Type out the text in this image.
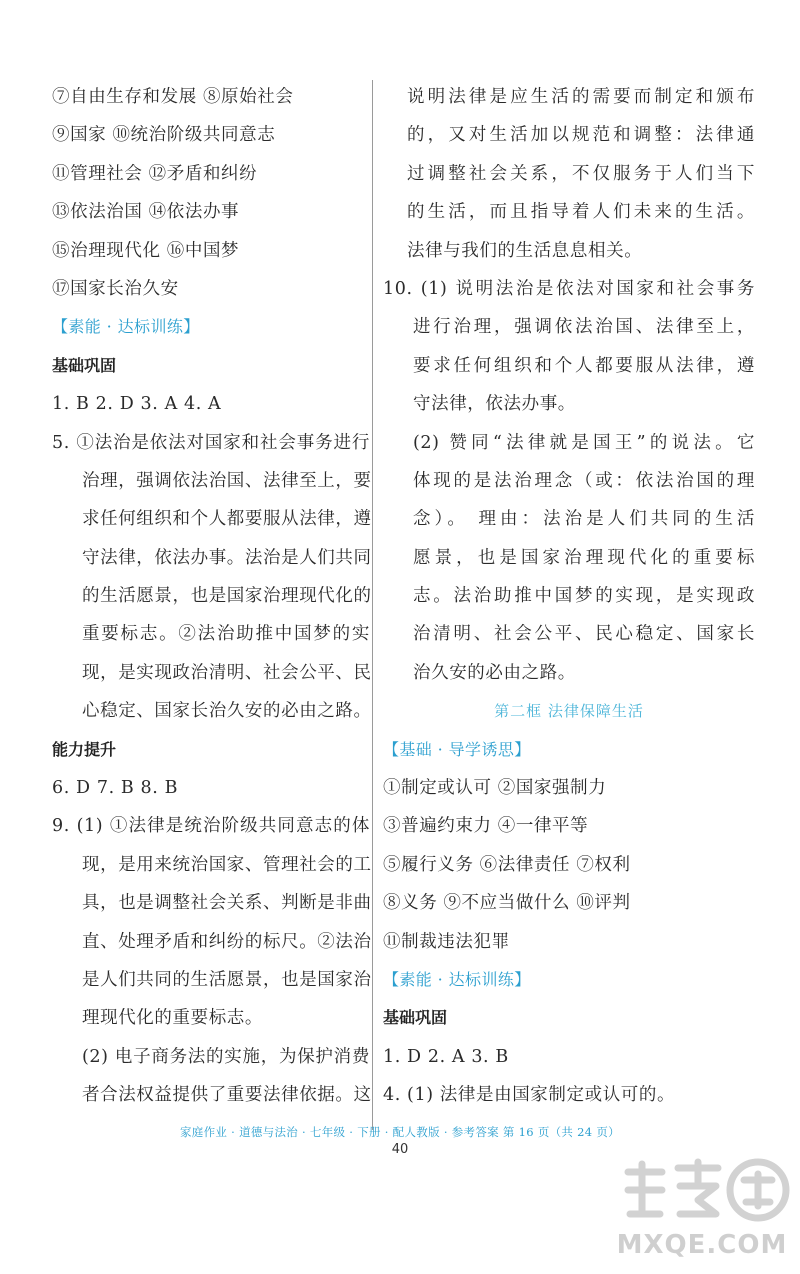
⑦自由生存和发展 ⑧原始社会
⑨国家 ⑩统治阶级共同意志
⑪管理社会 ⑫矛盾和纠纷
⑬依法治国 ⑭依法办事
⑮治理现代化 ⑯中国梦
⑰国家长治久安
【素能 · 达标训练】
基础巩固
1. B 2. D 3. A 4. A
5. ①法治是依法对国家和社会事务进行
治理，强调依法治国、法律至上，要
求任何组织和个人都要服从法律，遵
守法律，依法办事。法治是人们共同
的生活愿景，也是国家治理现代化的
重要标志。②法治助推中国梦的实
现，是实现政治清明、社会公平、民
心稳定、国家长治久安的必由之路。
能力提升
6. D 7. B 8. B
9. (1) ①法律是统治阶级共同意志的体
现，是用来统治国家、管理社会的工
具，也是调整社会关系、判断是非曲
直、处理矛盾和纠纷的标尺。②法治
是人们共同的生活愿景，也是国家治
理现代化的重要标志。
(2) 电子商务法的实施，为保护消费
者合法权益提供了重要法律依据。这
说明法律是应生活的需要而制定和颁布
的，又对生活加以规范和调整：法律通
过调整社会关系，不仅服务于人们当下
的生活，而且指导着人们未来的生活。
法律与我们的生活息息相关。
10. (1) 说明法治是依法对国家和社会事务
进行治理，强调依法治国、法律至上，
要求任何组织和个人都要服从法律，遵
守法律，依法办事。
(2) 赞同“法律就是国王”的说法。它
体现的是法治理念（或：依法治国的理
念）。 理由：法治是人们共同的生活
愿景，也是国家治理现代化的重要标
志。法治助推中国梦的实现，是实现政
治清明、社会公平、民心稳定、国家长
治久安的必由之路。
第二框 法律保障生活
【基础 · 导学诱思】
①制定或认可 ②国家强制力
③普遍约束力 ④一律平等
⑤履行义务 ⑥法律责任 ⑦权利
⑧义务 ⑨不应当做什么 ⑩评判
⑪制裁违法犯罪
【素能 · 达标训练】
基础巩固
1. D 2. A 3. B
4. (1) 法律是由国家制定或认可的。
家庭作业 · 道德与法治 · 七年级 · 下册 · 配人教版 · 参考答案 第 16 页（共 24 页）
40
MXQE.COM
